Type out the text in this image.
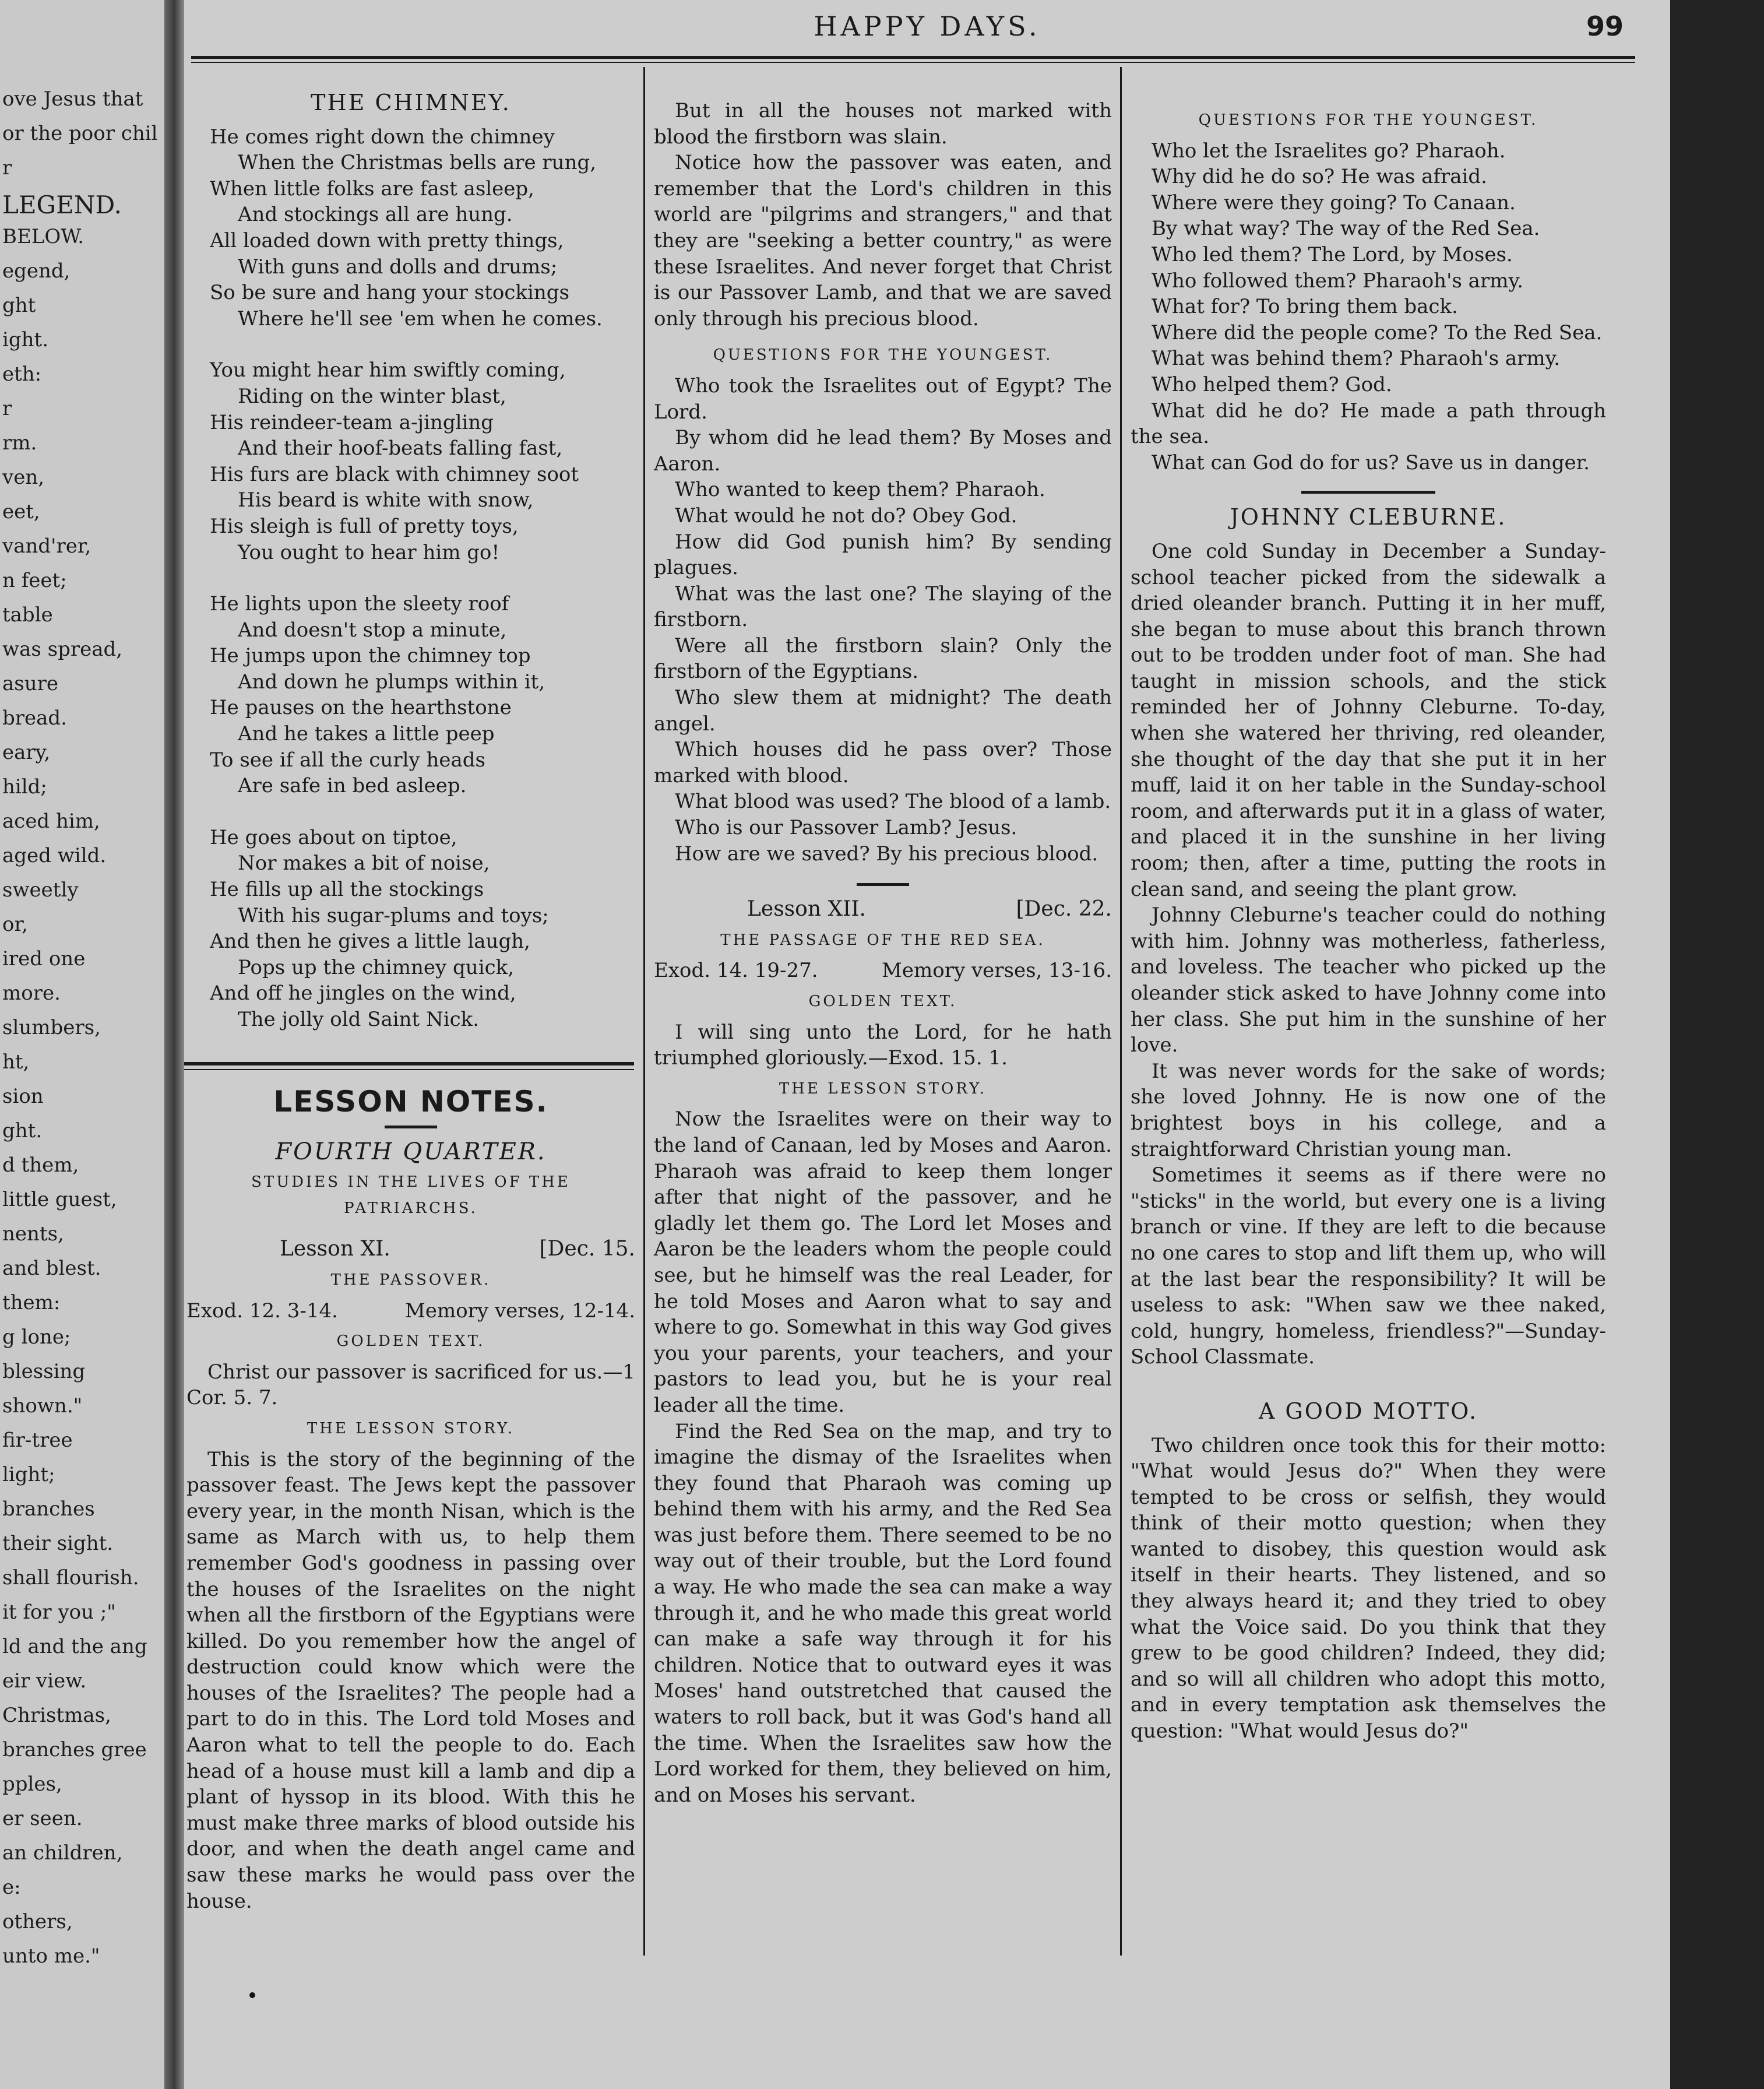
ove Jesus that
or the poor chil
r
LEGEND.
BELOW.
egend,
ght
ight.
eth:
r
rm.
ven,
eet,
vand'rer,
n feet;
table
was spread,
asure
bread.
eary,
hild;
aced him,
aged wild.
sweetly
or,
ired one
more.
slumbers,
ht,
sion
ght.
d them,
little guest,
nents,
and blest.
them:
g lone;
blessing
shown."
fir-tree
light;
branches
their sight.
shall flourish.
it for you ;"
ld and the ang
eir view.
Christmas,
branches gree
pples,
er seen.
an children,
e:
others,
unto me."
HAPPY DAYS.	99
THE CHIMNEY.
He comes right down the chimney
When the Christmas bells are rung,
When little folks are fast asleep,
And stockings all are hung.
All loaded down with pretty things,
With guns and dolls and drums;
So be sure and hang your stockings
Where he'll see 'em when he comes.
You might hear him swiftly coming,
Riding on the winter blast,
His reindeer-team a-jingling
And their hoof-beats falling fast,
His furs are black with chimney soot
His beard is white with snow,
His sleigh is full of pretty toys,
You ought to hear him go!
He lights upon the sleety roof
And doesn't stop a minute,
He jumps upon the chimney top
And down he plumps within it,
He pauses on the hearthstone
And he takes a little peep
To see if all the curly heads
Are safe in bed asleep.
He goes about on tiptoe,
Nor makes a bit of noise,
He fills up all the stockings
With his sugar-plums and toys;
And then he gives a little laugh,
Pops up the chimney quick,
And off he jingles on the wind,
The jolly old Saint Nick.
LESSON NOTES.
FOURTH QUARTER.
STUDIES IN THE LIVES OF THE PATRIARCHS.
Lesson XI.	[Dec. 15.
THE PASSOVER.
Exod. 12. 3-14.	Memory verses, 12-14.
GOLDEN TEXT.

Christ our passover is sacrificed for us.—1 Cor. 5. 7.

THE LESSON STORY.

This is the story of the beginning of the passover feast. The Jews kept the passover every year, in the month Nisan, which is the same as March with us, to help them remember God's goodness in passing over the houses of the Israelites on the night when all the firstborn of the Egyptians were killed. Do you remember how the angel of destruction could know which were the houses of the Israelites? The people had a part to do in this. The Lord told Moses and Aaron what to tell the people to do. Each head of a house must kill a lamb and dip a plant of hyssop in its blood. With this he must make three marks of blood outside his door, and when the death angel came and saw these marks he would pass over the house.

But in all the houses not marked with blood the firstborn was slain.

Notice how the passover was eaten, and remember that the Lord's children in this world are "pilgrims and strangers," and that they are "seeking a better country," as were these Israelites. And never forget that Christ is our Passover Lamb, and that we are saved only through his precious blood.

QUESTIONS FOR THE YOUNGEST.

Who took the Israelites out of Egypt? The Lord.

By whom did he lead them? By Moses and Aaron.

Who wanted to keep them? Pharaoh.

What would he not do? Obey God.

How did God punish him? By sending plagues.

What was the last one? The slaying of the firstborn.

Were all the firstborn slain? Only the firstborn of the Egyptians.

Who slew them at midnight? The death angel.

Which houses did he pass over? Those marked with blood.

What blood was used? The blood of a lamb.

Who is our Passover Lamb? Jesus.

How are we saved? By his precious blood.

Lesson XII.	[Dec. 22.
THE PASSAGE OF THE RED SEA.
Exod. 14. 19-27.	Memory verses, 13-16.
GOLDEN TEXT.

I will sing unto the Lord, for he hath triumphed gloriously.—Exod. 15. 1.

THE LESSON STORY.

Now the Israelites were on their way to the land of Canaan, led by Moses and Aaron. Pharaoh was afraid to keep them longer after that night of the passover, and he gladly let them go. The Lord let Moses and Aaron be the leaders whom the people could see, but he himself was the real Leader, for he told Moses and Aaron what to say and where to go. Somewhat in this way God gives you your parents, your teachers, and your pastors to lead you, but he is your real leader all the time.

Find the Red Sea on the map, and try to imagine the dismay of the Israelites when they found that Pharaoh was coming up behind them with his army, and the Red Sea was just before them. There seemed to be no way out of their trouble, but the Lord found a way. He who made the sea can make a way through it, and he who made this great world can make a safe way through it for his children. Notice that to outward eyes it was Moses' hand outstretched that caused the waters to roll back, but it was God's hand all the time. When the Israelites saw how the Lord worked for them, they believed on him, and on Moses his servant.

QUESTIONS FOR THE YOUNGEST.

Who let the Israelites go? Pharaoh.

Why did he do so? He was afraid.

Where were they going? To Canaan.

By what way? The way of the Red Sea.

Who led them? The Lord, by Moses.

Who followed them? Pharaoh's army.

What for? To bring them back.

Where did the people come? To the Red Sea.

What was behind them? Pharaoh's army.

Who helped them? God.

What did he do? He made a path through the sea.

What can God do for us? Save us in danger.

JOHNNY CLEBURNE.

One cold Sunday in December a Sunday-school teacher picked from the sidewalk a dried oleander branch. Putting it in her muff, she began to muse about this branch thrown out to be trodden under foot of man. She had taught in mission schools, and the stick reminded her of Johnny Cleburne. To-day, when she watered her thriving, red oleander, she thought of the day that she put it in her muff, laid it on her table in the Sunday-school room, and afterwards put it in a glass of water, and placed it in the sunshine in her living room; then, after a time, putting the roots in clean sand, and seeing the plant grow.

Johnny Cleburne's teacher could do nothing with him. Johnny was motherless, fatherless, and loveless. The teacher who picked up the oleander stick asked to have Johnny come into her class. She put him in the sunshine of her love.

It was never words for the sake of words; she loved Johnny. He is now one of the brightest boys in his college, and a straightforward Christian young man.

Sometimes it seems as if there were no "sticks" in the world, but every one is a living branch or vine. If they are left to die because no one cares to stop and lift them up, who will at the last bear the responsibility? It will be useless to ask: "When saw we thee naked, cold, hungry, homeless, friendless?"—Sunday-School Classmate.

A GOOD MOTTO.

Two children once took this for their motto: "What would Jesus do?" When they were tempted to be cross or selfish, they would think of their motto question; when they wanted to disobey, this question would ask itself in their hearts. They listened, and so they always heard it; and they tried to obey what the Voice said. Do you think that they grew to be good children? Indeed, they did; and so will all children who adopt this motto, and in every temptation ask themselves the question: "What would Jesus do?"
